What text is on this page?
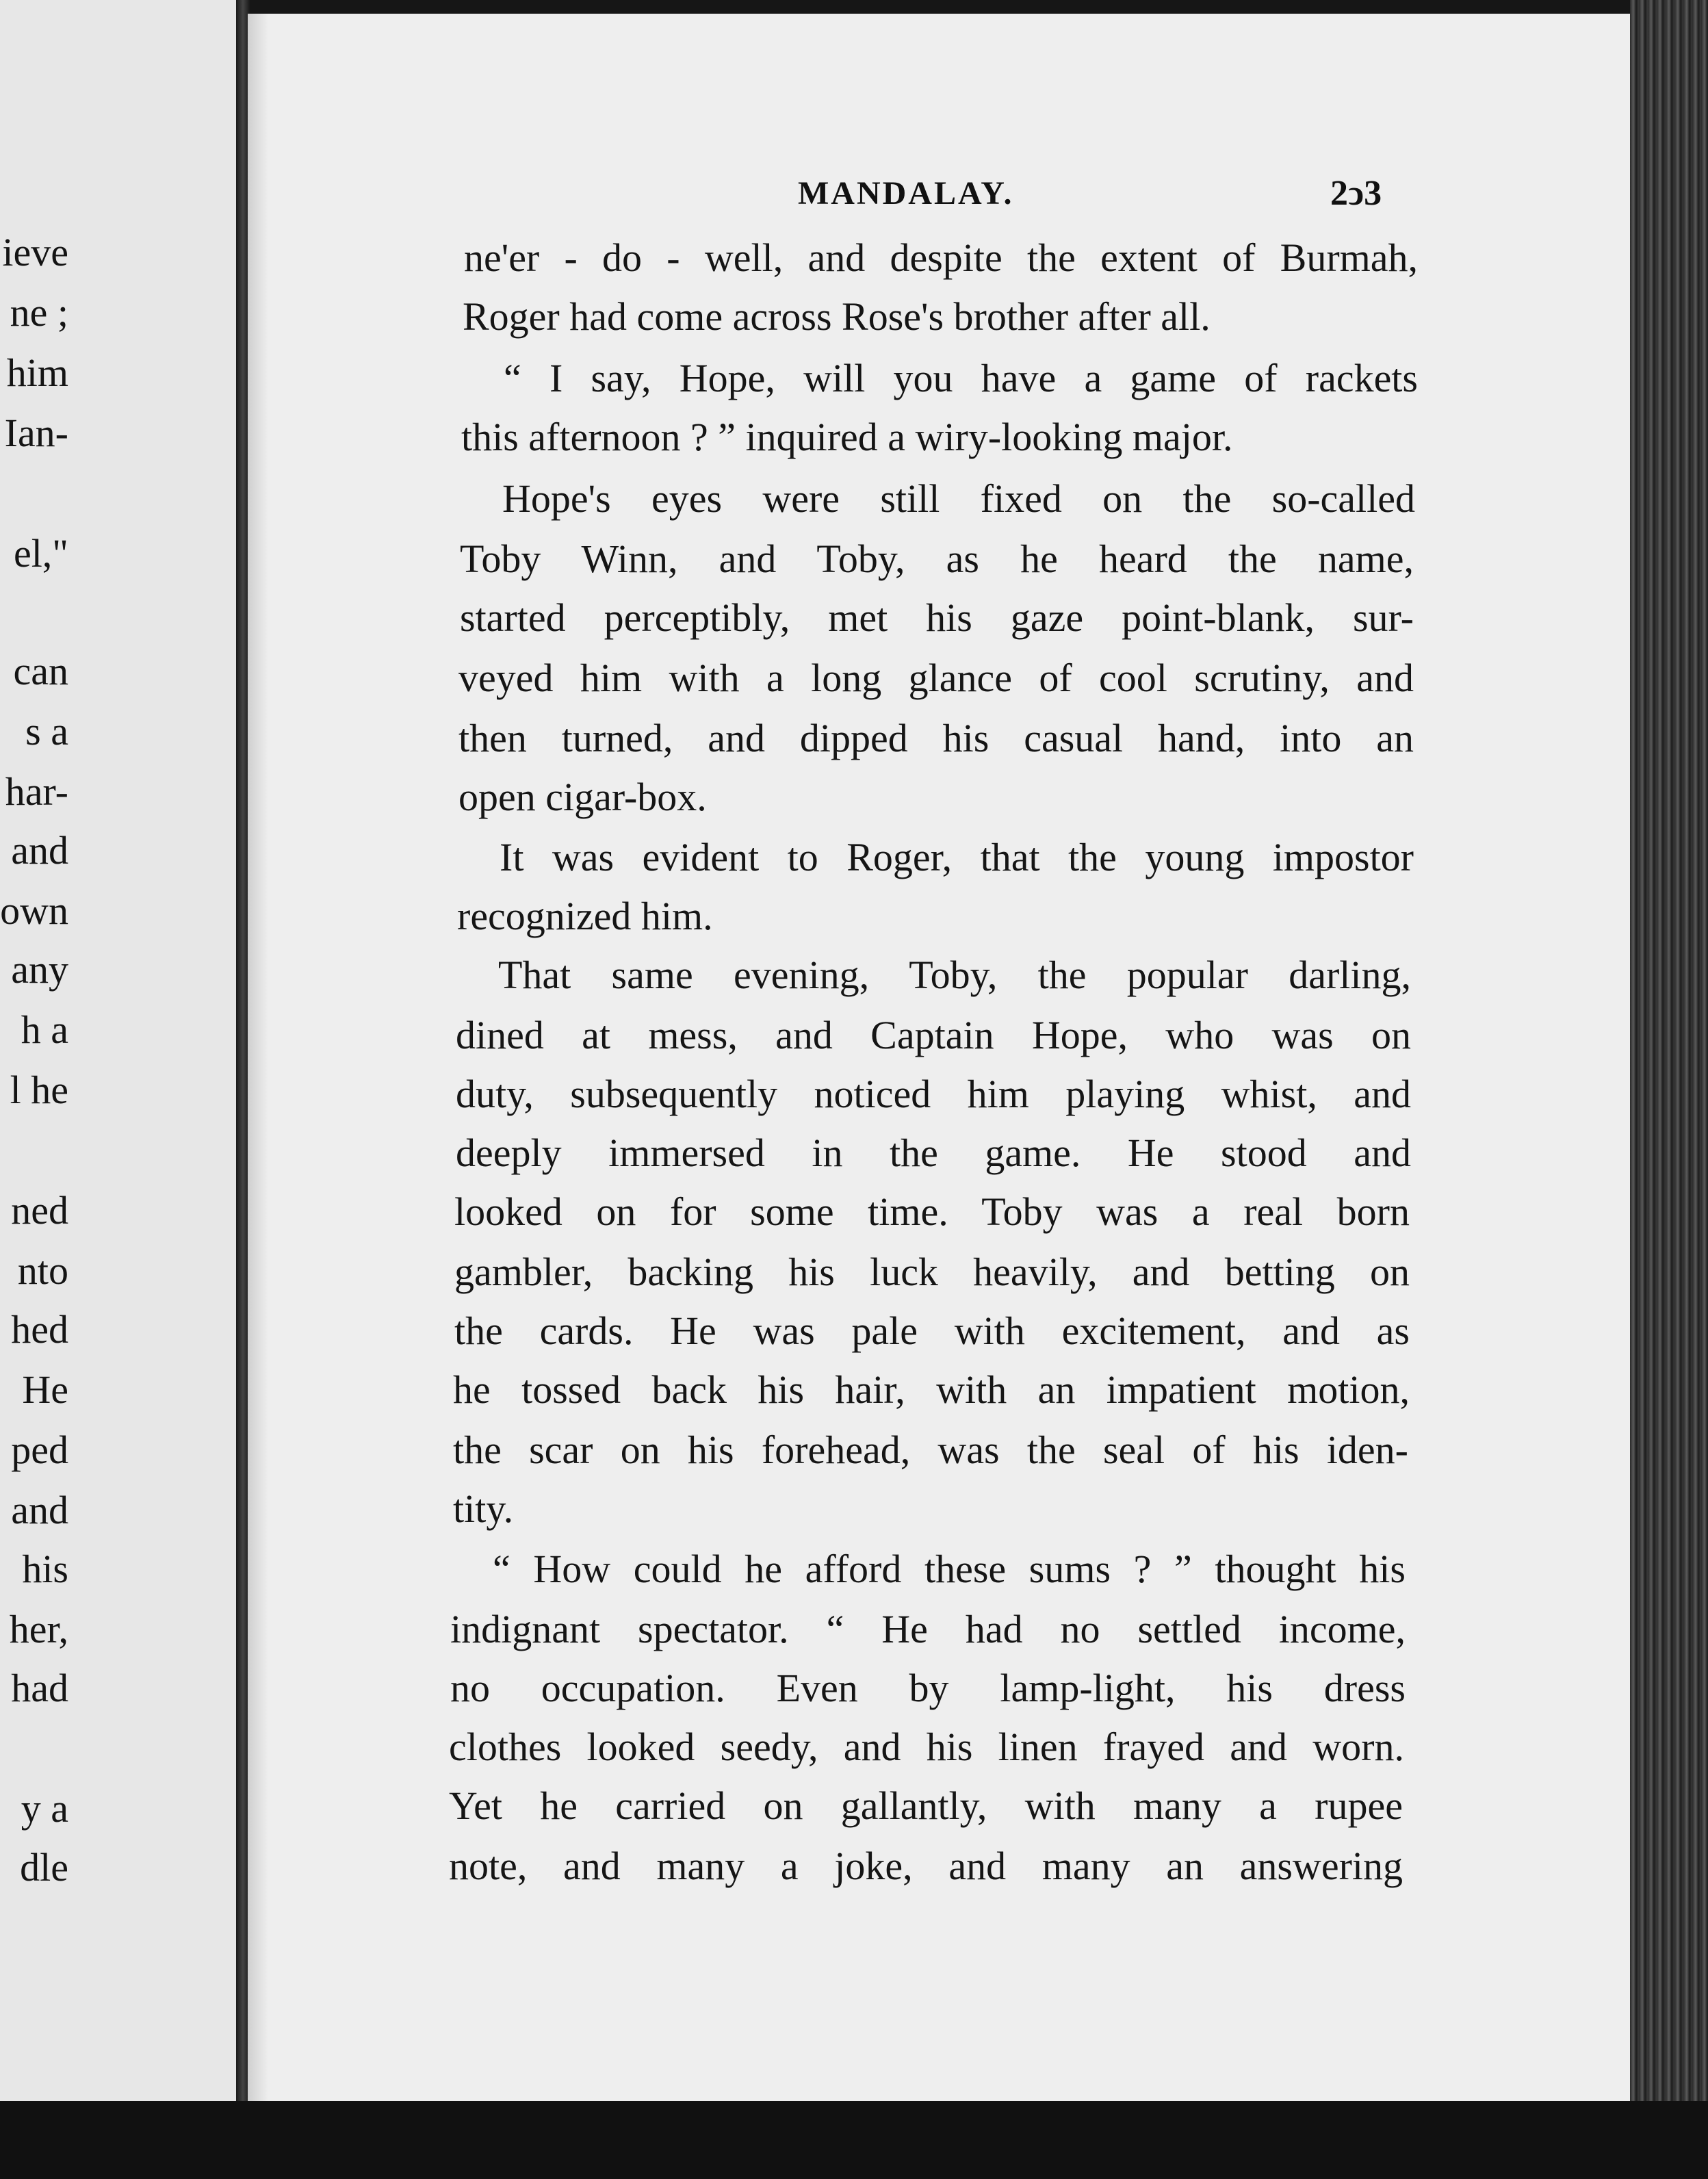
ieve
ne ;
him
Ian-
el,"
can
s a
har-
and
own
any
h a
l he
ned
nto
hed
He
ped
and
his
her,
had
y a
dle
MANDALAY.	2ↄ3
ne'er - do - well, and despite the extent of Burmah,
Roger had come across Rose's brother after all.
“ I say, Hope, will you have a game of rackets
this afternoon ? ” inquired a wiry-looking major.
Hope's eyes were still fixed on the so-called
Toby Winn, and Toby, as he heard the name,
started perceptibly, met his gaze point-blank, sur-
veyed him with a long glance of cool scrutiny, and
then turned, and dipped his casual hand, into an
open cigar-box.
It was evident to Roger, that the young impostor
recognized him.
That same evening, Toby, the popular darling,
dined at mess, and Captain Hope, who was on
duty, subsequently noticed him playing whist, and
deeply immersed in the game. He stood and
looked on for some time. Toby was a real born
gambler, backing his luck heavily, and betting on
the cards. He was pale with excitement, and as
he tossed back his hair, with an impatient motion,
the scar on his forehead, was the seal of his iden-
tity.
“ How could he afford these sums ? ” thought his
indignant spectator. “ He had no settled income,
no occupation. Even by lamp-light, his dress
clothes looked seedy, and his linen frayed and worn.
Yet he carried on gallantly, with many a rupee
note, and many a joke, and many an answering
